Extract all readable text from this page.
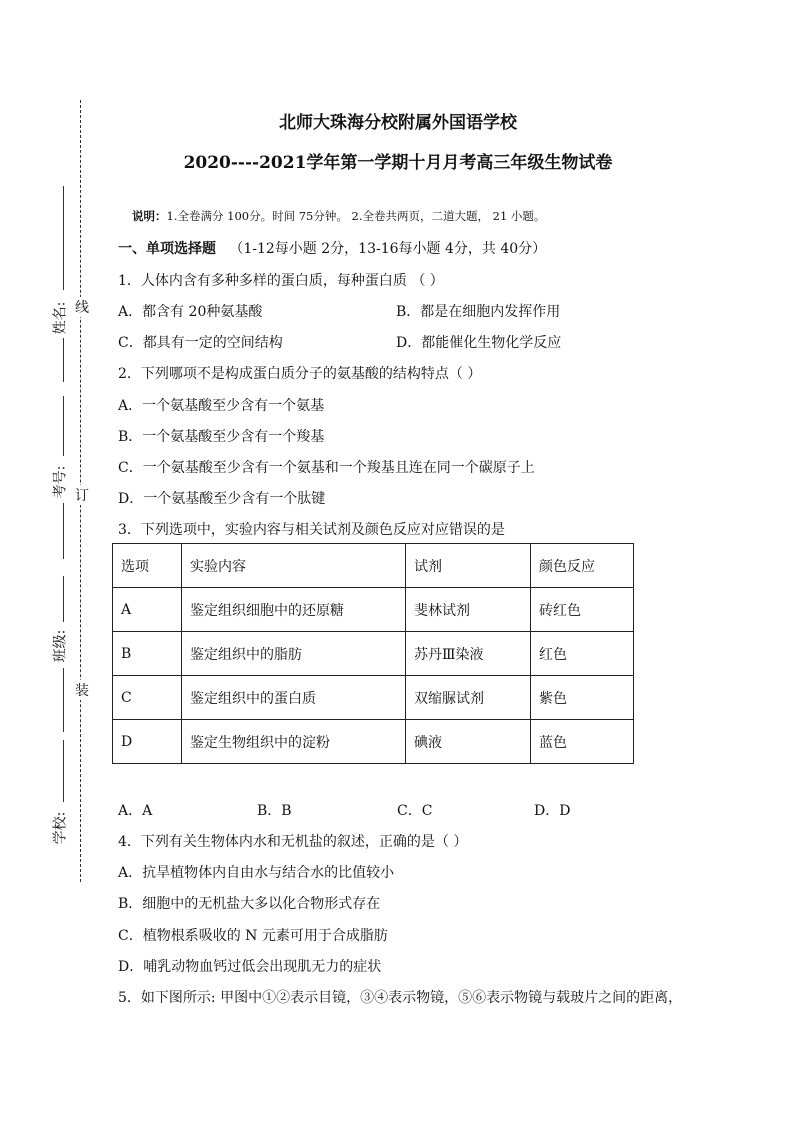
姓名:
考号:
班级:
学校:
线
订
装
北师大珠海分校附属外国语学校
2020----2021学年第一学期十月月考高三年级生物试卷
说明：1.全卷满分 100分。时间 75分钟。 2.全卷共两页，二道大题， 21 小题。
一、单项选择题 （1-12每小题 2分，13-16每小题 4分，共 40分）
1．人体内含有多种多样的蛋白质，每种蛋白质 （ ）
A．都含有 20种氨基酸	B．都是在细胞内发挥作用
C．都具有一定的空间结构	D．都能催化生物化学反应
2．下列哪项不是构成蛋白质分子的氨基酸的结构特点（ ）
A．一个氨基酸至少含有一个氨基
B．一个氨基酸至少含有一个羧基
C．一个氨基酸至少含有一个氨基和一个羧基且连在同一个碳原子上
D．一个氨基酸至少含有一个肽键
3．下列选项中，实验内容与相关试剂及颜色反应对应错误的是
选项	实验内容	试剂	颜色反应
A	鉴定组织细胞中的还原糖	斐林试剂	砖红色
B	鉴定组织中的脂肪	苏丹Ⅲ染液	红色
C	鉴定组织中的蛋白质	双缩脲试剂	紫色
D	鉴定生物组织中的淀粉	碘液	蓝色
A．A	B．B	C．C	D．D
4．下列有关生物体内水和无机盐的叙述，正确的是（ ）
A．抗旱植物体内自由水与结合水的比值较小
B．细胞中的无机盐大多以化合物形式存在
C．植物根系吸收的 N 元素可用于合成脂肪
D．哺乳动物血钙过低会出现肌无力的症状
5．如下图所示: 甲图中①②表示目镜，③④表示物镜，⑤⑥表示物镜与载玻片之间的距离，
